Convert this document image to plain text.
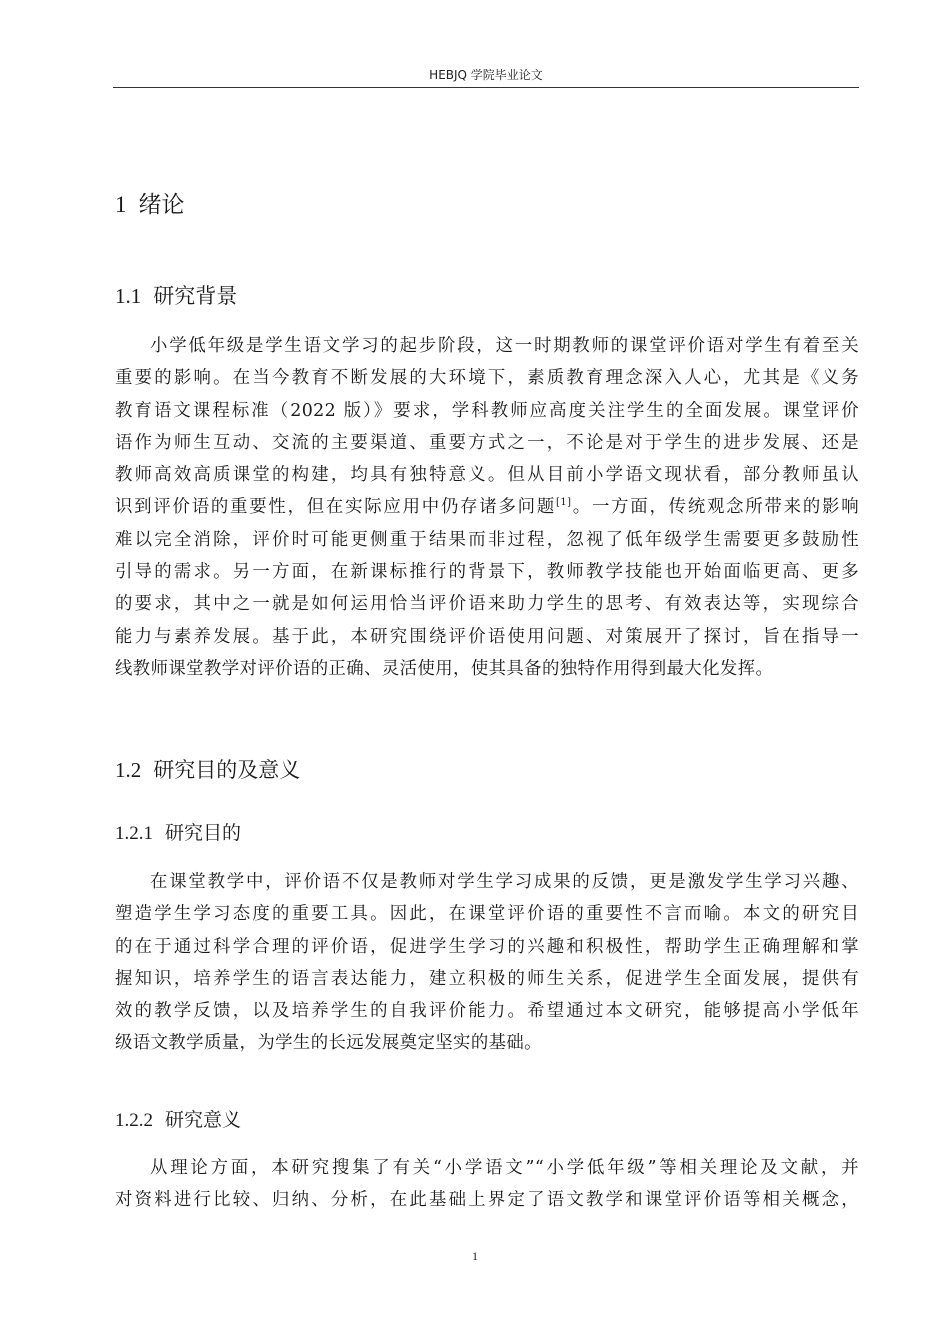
HEBJQ 学院毕业论文
1 绪论
1.1 研究背景
小学低年级是学生语文学习的起步阶段，这一时期教师的课堂评价语对学生有着至关
重要的影响。在当今教育不断发展的大环境下，素质教育理念深入人心，尤其是《义务
教育语文课程标准（2022 版）》要求，学科教师应高度关注学生的全面发展。课堂评价
语作为师生互动、交流的主要渠道、重要方式之一，不论是对于学生的进步发展、还是
教师高效高质课堂的构建，均具有独特意义。但从目前小学语文现状看，部分教师虽认
识到评价语的重要性，但在实际应用中仍存诸多问题[1]。一方面，传统观念所带来的影响
难以完全消除，评价时可能更侧重于结果而非过程，忽视了低年级学生需要更多鼓励性
引导的需求。另一方面，在新课标推行的背景下，教师教学技能也开始面临更高、更多
的要求，其中之一就是如何运用恰当评价语来助力学生的思考、有效表达等，实现综合
能力与素养发展。基于此，本研究围绕评价语使用问题、对策展开了探讨，旨在指导一
线教师课堂教学对评价语的正确、灵活使用，使其具备的独特作用得到最大化发挥。
1.2 研究目的及意义
1.2.1 研究目的
在课堂教学中，评价语不仅是教师对学生学习成果的反馈，更是激发学生学习兴趣、
塑造学生学习态度的重要工具。因此，在课堂评价语的重要性不言而喻。本文的研究目
的在于通过科学合理的评价语，促进学生学习的兴趣和积极性，帮助学生正确理解和掌
握知识，培养学生的语言表达能力，建立积极的师生关系，促进学生全面发展，提供有
效的教学反馈，以及培养学生的自我评价能力。希望通过本文研究，能够提高小学低年
级语文教学质量，为学生的长远发展奠定坚实的基础。
1.2.2 研究意义
从理论方面，本研究搜集了有关“小学语文”“小学低年级”等相关理论及文献，并
对资料进行比较、归纳、分析，在此基础上界定了语文教学和课堂评价语等相关概念，
1
